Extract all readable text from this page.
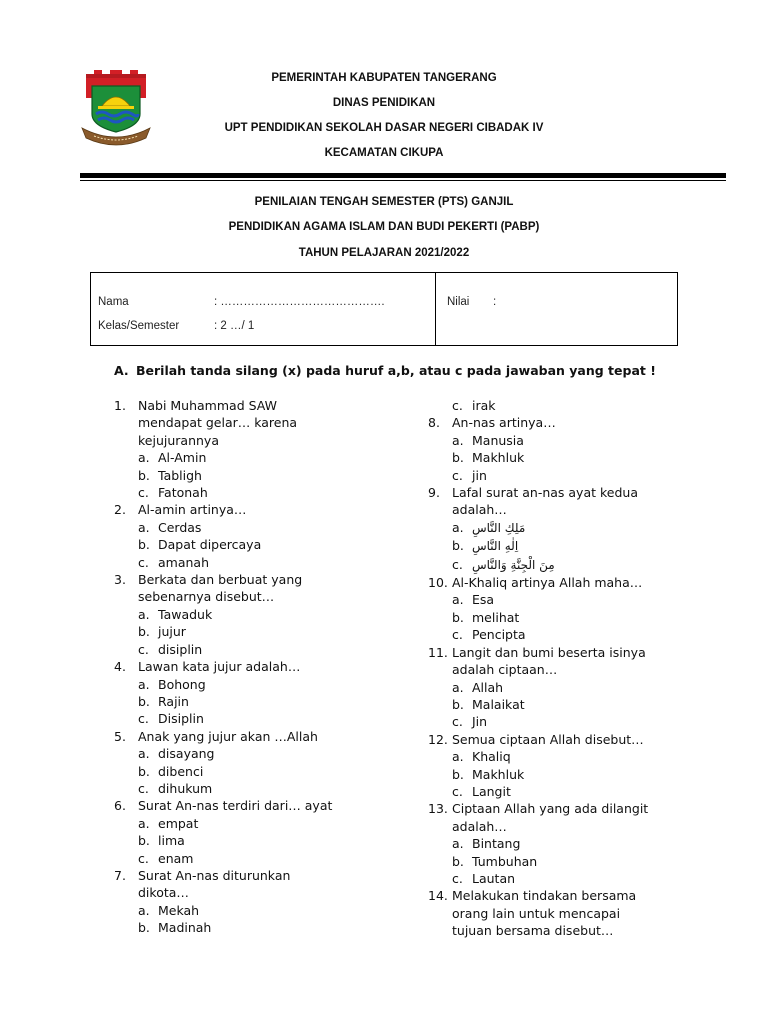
PEMERINTAH KABUPATEN TANGERANG
DINAS PENIDIKAN
UPT PENDIDIKAN SEKOLAH DASAR NEGERI CIBADAK IV
KECAMATAN CIKUPA
PENILAIAN TENGAH SEMESTER (PTS) GANJIL
PENDIDIKAN AGAMA ISLAM DAN BUDI PEKERTI (PABP)
TAHUN PELAJARAN 2021/2022
Nama	: …………………………………….
Kelas/Semester	: 2 …/ 1
Nilai :
A. Berilah tanda silang (x) pada huruf a,b, atau c pada jawaban yang tepat !
1. Nabi Muhammad SAW
mendapat gelar… karena
kejujurannya
a. Al-Amin
b. Tabligh
c. Fatonah
2. Al-amin artinya…
a. Cerdas
b. Dapat dipercaya
c. amanah
3. Berkata dan berbuat yang
sebenarnya disebut…
a. Tawaduk
b. jujur
c. disiplin
4. Lawan kata jujur adalah…
a. Bohong
b. Rajin
c. Disiplin
5. Anak yang jujur akan …Allah
a. disayang
b. dibenci
c. dihukum
6. Surat An-nas terdiri dari… ayat
a. empat
b. lima
c. enam
7. Surat An-nas diturunkan
dikota…
a. Mekah
b. Madinah
c. irak
8. An-nas artinya…
a. Manusia
b. Makhluk
c. jin
9. Lafal surat an-nas ayat kedua
adalah…
a. مَلِكِ النَّاسِ
b. اِلٰهِ النَّاسِ
c. مِنَ الْجِنَّةِ وَالنَّاسِ
10. Al-Khaliq artinya Allah maha…
a. Esa
b. melihat
c. Pencipta
11. Langit dan bumi beserta isinya
adalah ciptaan…
a. Allah
b. Malaikat
c. Jin
12. Semua ciptaan Allah disebut…
a. Khaliq
b. Makhluk
c. Langit
13. Ciptaan Allah yang ada dilangit
adalah…
a. Bintang
b. Tumbuhan
c. Lautan
14. Melakukan tindakan bersama
orang lain untuk mencapai
tujuan bersama disebut…
